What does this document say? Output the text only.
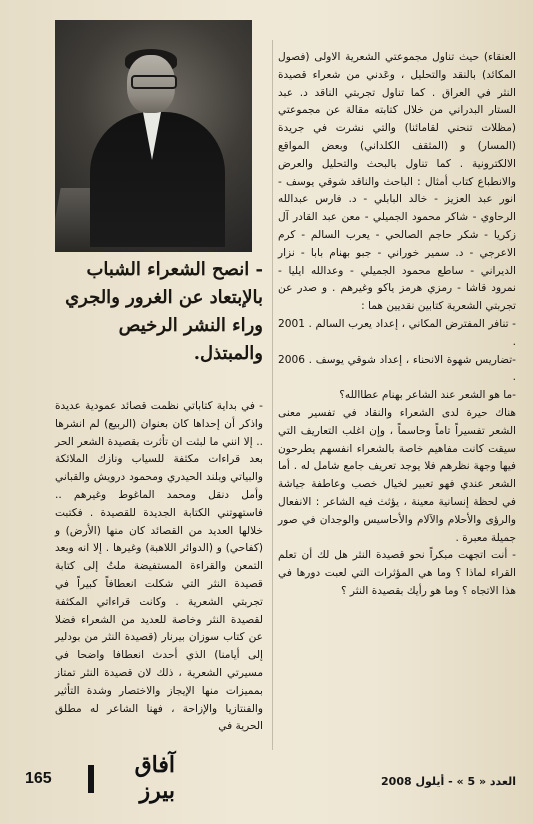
- انصح الشعراء الشباب بالإبتعاد عن الغرور والجري وراء النشر الرخيص والمبتذل.

العنقاء) حيث تناول مجموعتي الشعرية الاولى (فصول المكائد) بالنقد والتحليل ، وعَدني من شعراء قصيدة النثر في العراق . كما تناول تجربتي الناقد د. عبد الستار البدراني من خلال كتابته مقالة عن مجموعتي (مظلات تنحني لقامائنا) والتي نشرت في جريدة (المسار) و (المثقف الكلداني) وبعض المواقع الالكترونية . كما تناول بالبحث والتحليل والعرض والانطباع كتاب أمثال : الباحث والناقد شوقي يوسف - انور عبد العزيز - خالد البابلي - د. فارس عبدالله الرحاوي - شاكر محمود الجميلي - معن عبد القادر آل زكريا - شكر حاجم الصالحي - يعرب السالم - كرم الاعرجي - د. سمير خوراني - جبو بهنام بابا - نزار الديراني - ساطع محمود الجميلي - وعدالله ايليا - نمرود قاشا - رمزي هرمز ياكو وغيرهم . و صدر عن تجربتي الشعرية كتابين نقديين هما :

- تنافر المفترض المكاني ، إعداد يعرب السالم . 2001 .

-تضاريس شهوة الانحناء ، إعداد شوقي يوسف . 2006 .

-ما هو الشعر عند الشاعر بهنام عطاالله؟

هناك حيرة لدى الشعراء والنقاد في تفسير معنى الشعر تفسيراً تاماً وحاسماً ، وإن اغلب التعاريف التي سيقت كانت مفاهيم خاصة بالشعراء انفسهم يطرحون فيها وجهة نظرهم فلا يوجد تعريف جامع شامل له . أما الشعر عندي فهو تعبير لخيال خصب وعاطفة جياشة في لحظة إنسانية معينة ، يؤثث فيه الشاعر : الانفعال والرؤى والأحلام والآلام والأحاسيس والوجدان في صور جميلة معبرة .

- أنت اتجهت مبكراً نحو قصيدة النثر هل لك أن تعلم القراء لماذا ؟ وما هي المؤثرات التي لعبت دورها في هذا الاتجاه ؟ وما هو رأيك بقصيدة النثر ؟

- في بداية كتاباتي نظمت قصائد عمودية عديدة واذكر أن إحداها كان بعنوان (الربيع) لم انشرها .. إلا انني ما لبثت ان تأثرت بقصيدة الشعر الحر بعد قراءات مكثفة للسياب ونازك الملائكة والبياتي وبلند الحيدري ومحمود درويش والقباني وأمل دنقل ومحمد الماغوط وغيرهم .. فاستهوتني الكتابة الجديدة للقصيدة . فكتبت خلالها العديد من القصائد كان منها (الأرض) و (كفاحي) و (الدوائر اللاهبة) وغيرها . إلا انه وبعد التمعن والقراءة المستفيضة ملتُ إلى كتابة قصيدة النثر التي شكلت انعطافاً كبيراً في تجربتي الشعرية . وكانت قراءاتي المكثفة لقصيدة النثر وخاصة للعديد من الشعراء فضلا عن كتاب سوزان بيرنار (قصيدة النثر من بودلير إلى أيامنا) الذي أحدث انعطافا واضحا في مسيرتي الشعرية ، ذلك لان قصيدة النثر تمتاز بمميزات منها الإيجاز والاختصار وشدة التأثير والفنتازيا والإزاحة ، فهنا الشاعر له مطلق الحرية في

165
آفاق بيرز	العدد « 5 » - أيلول 2008
